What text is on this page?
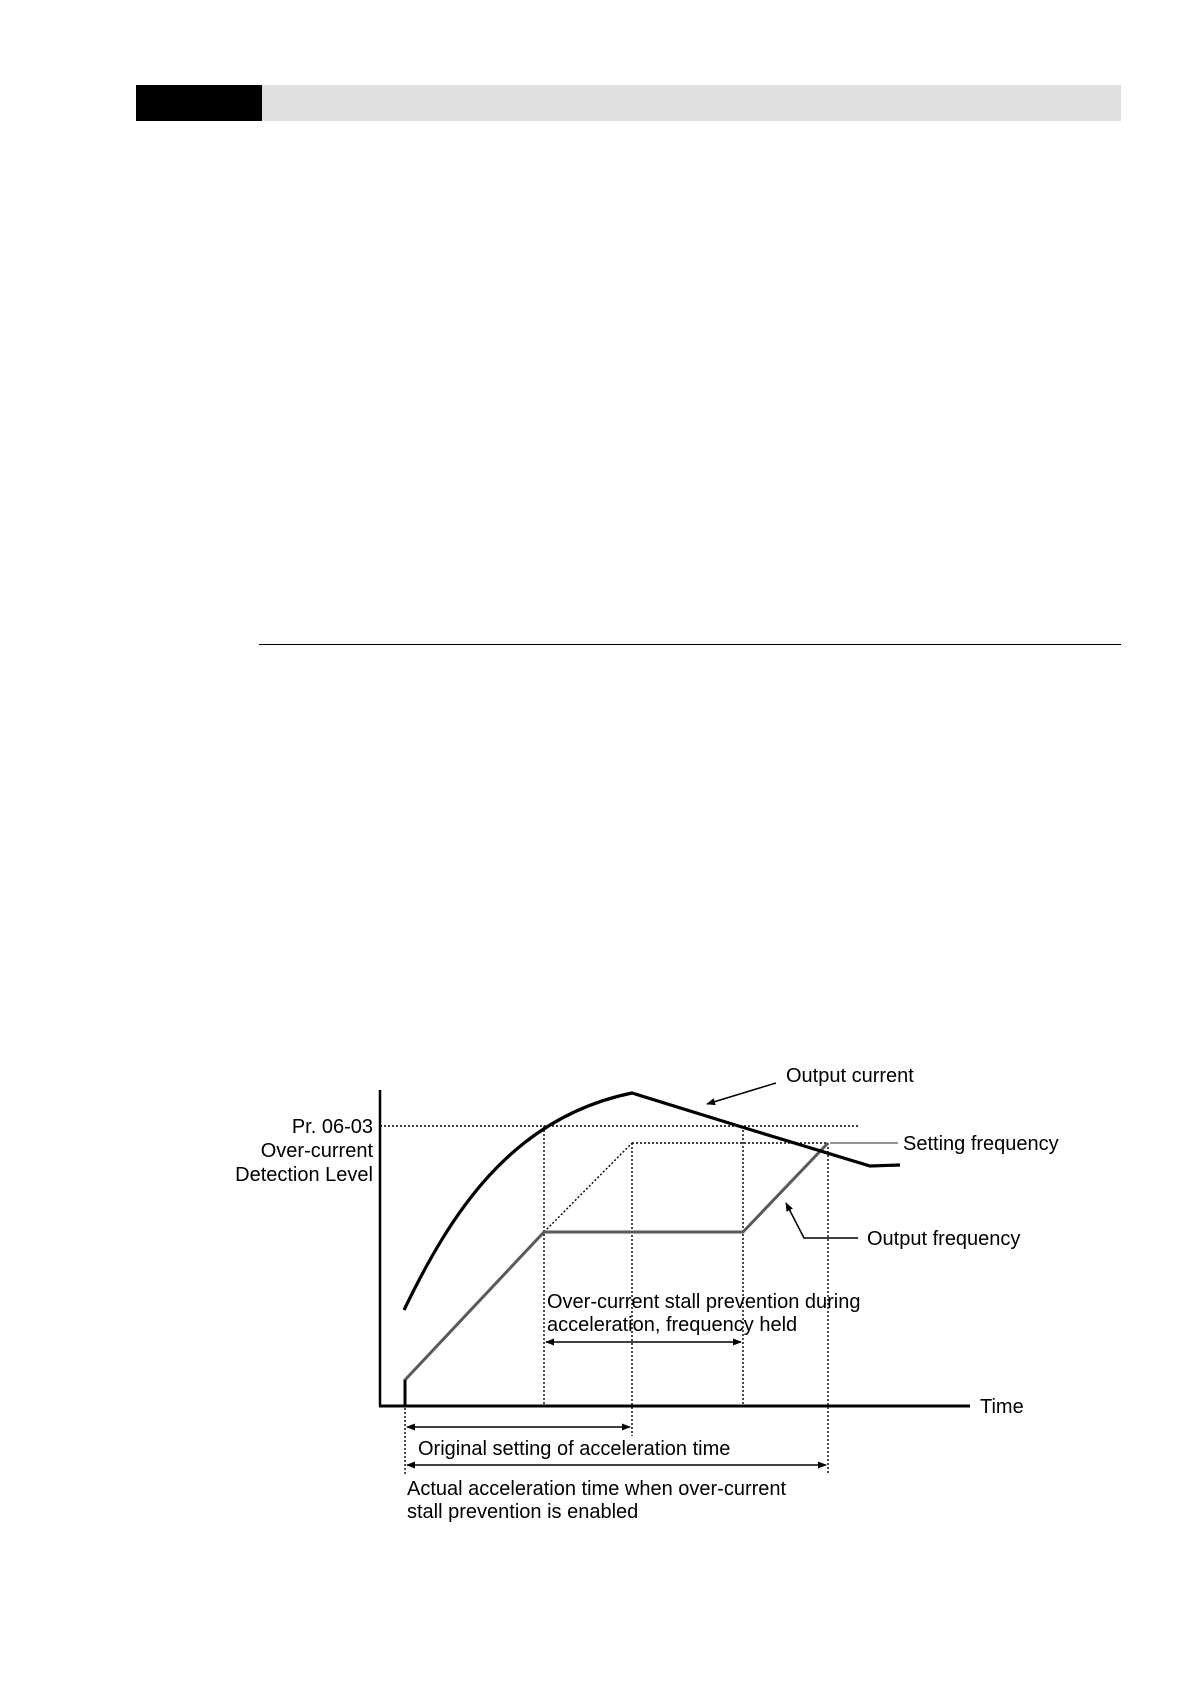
Pr. 06-03
Over-current
Detection Level
Output current
Setting frequency
Output frequency
Over-current stall prevention during
acceleration, frequency held
Time
Original setting of acceleration time
Actual acceleration time when over-current
stall prevention is enabled
